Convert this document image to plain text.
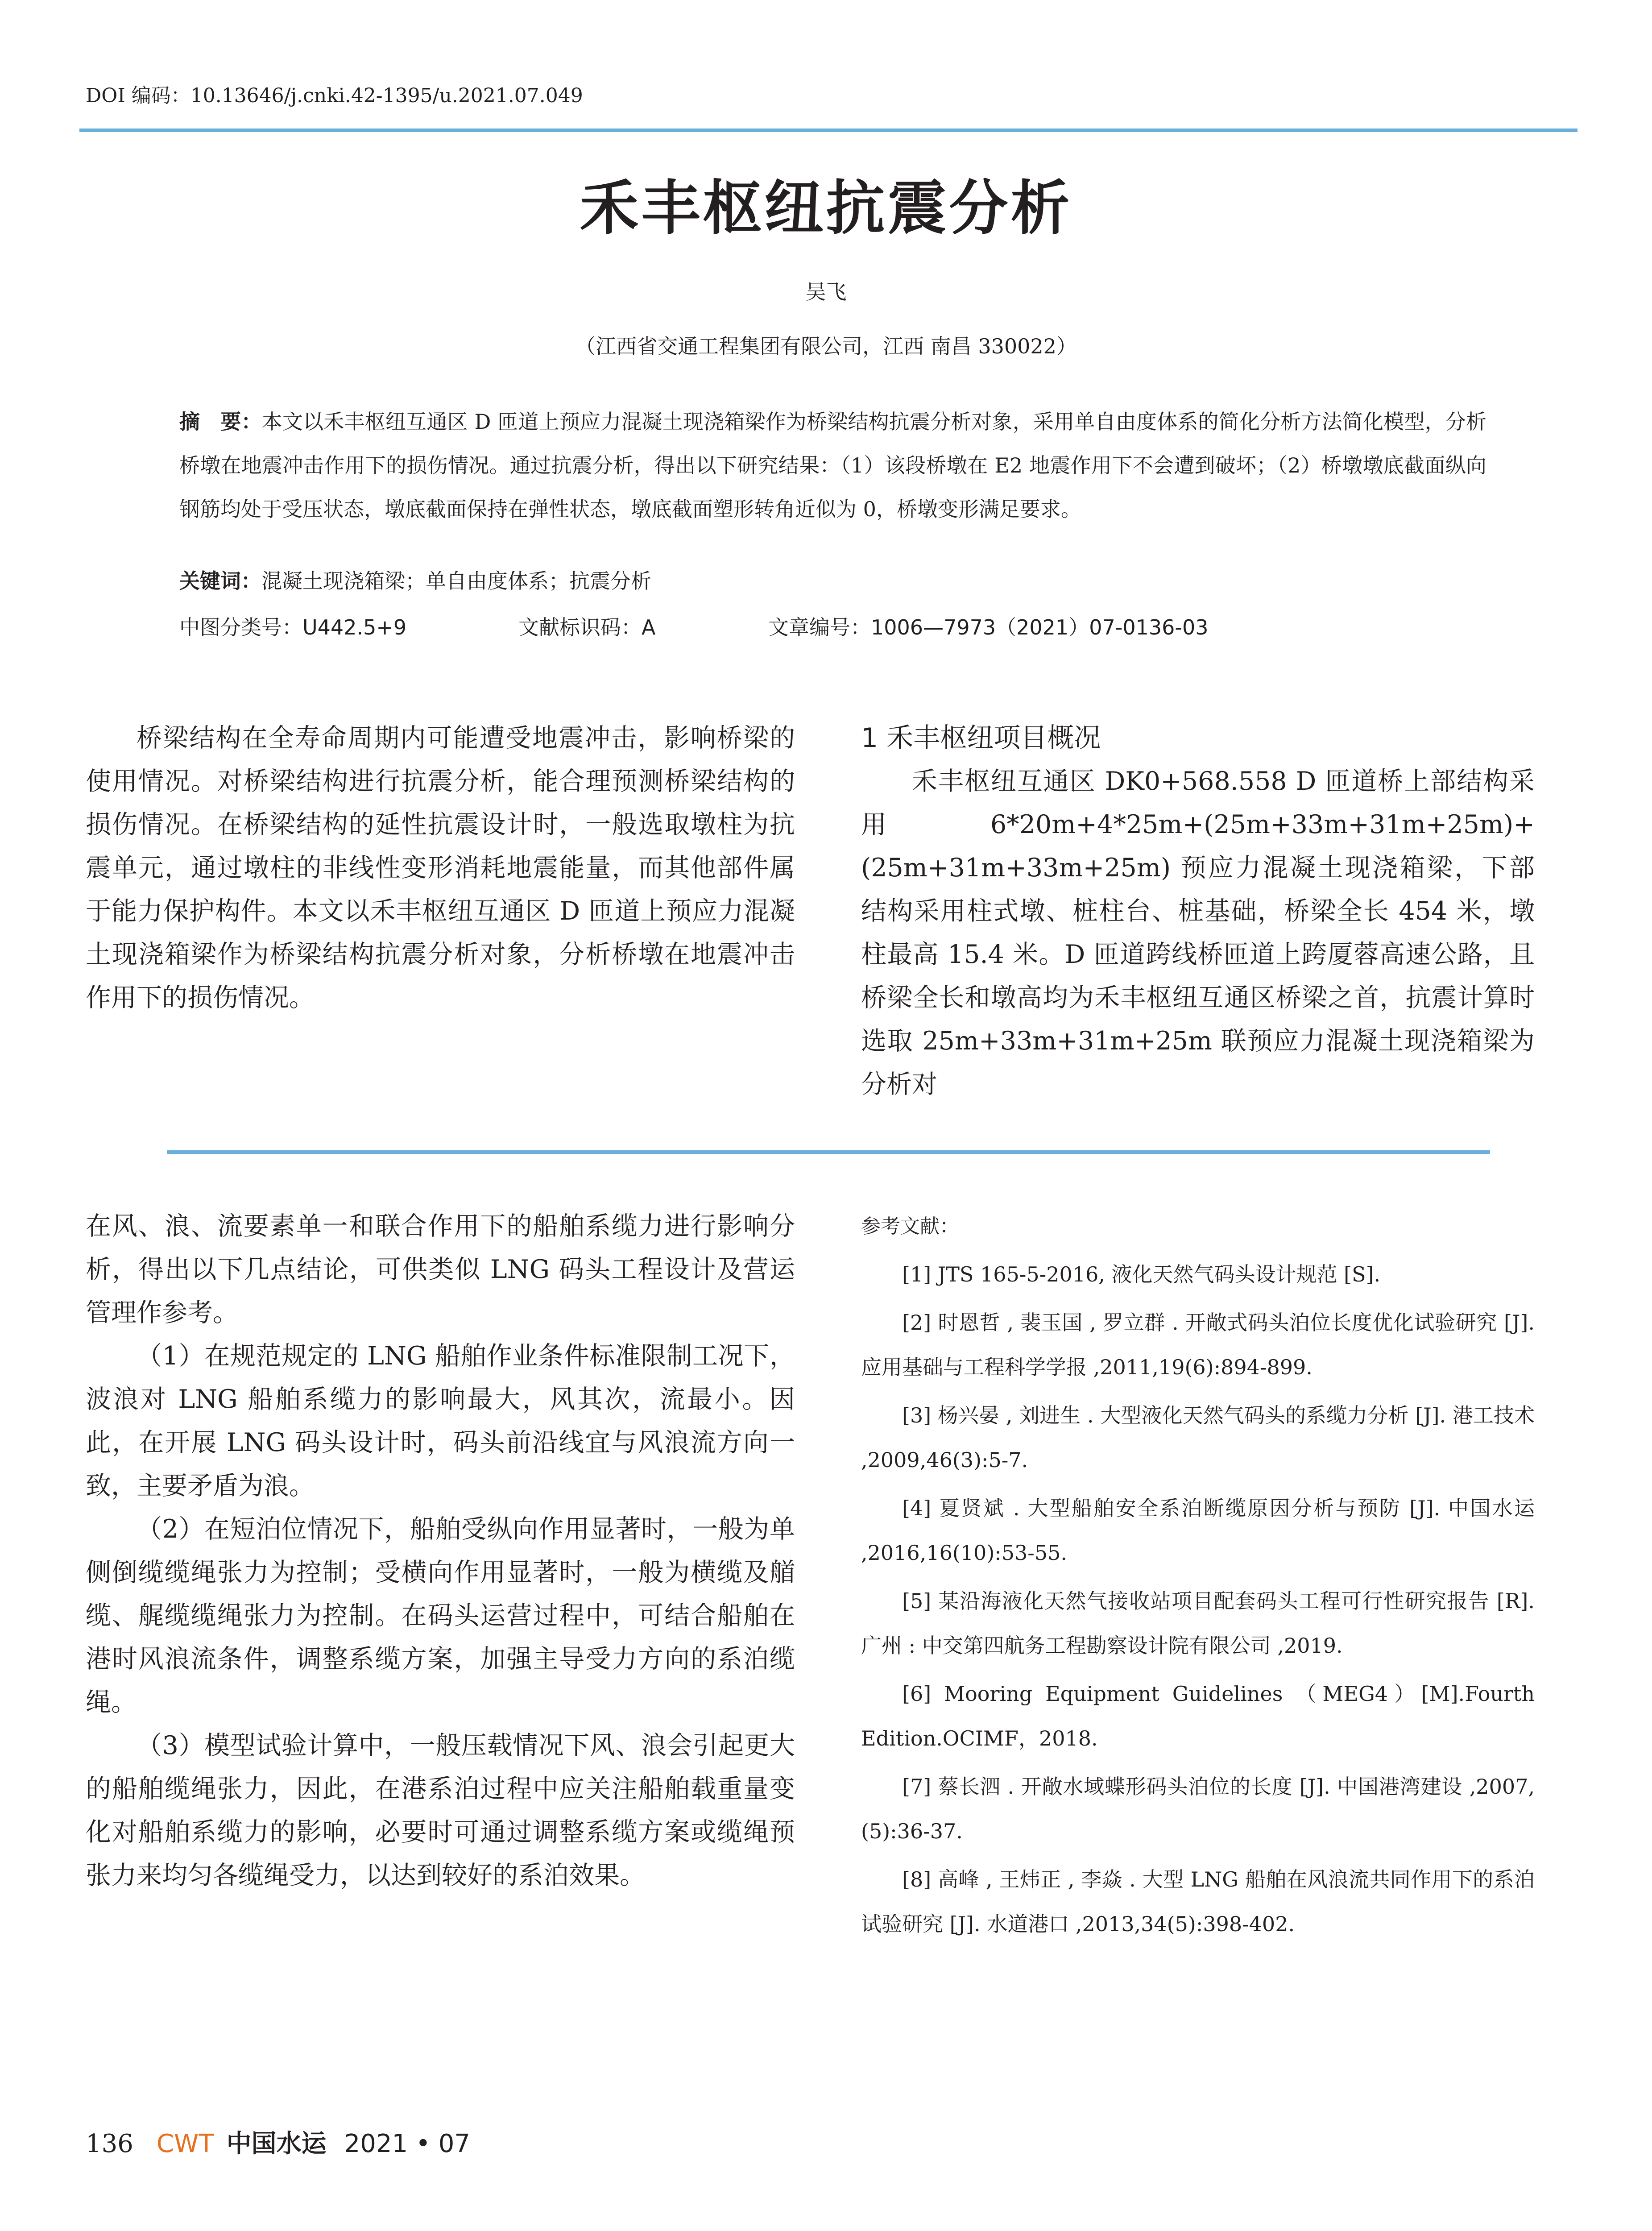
DOI 编码：10.13646/j.cnki.42-1395/u.2021.07.049
禾丰枢纽抗震分析
吴飞
（江西省交通工程集团有限公司，江西 南昌 330022）
摘　要：本文以禾丰枢纽互通区 D 匝道上预应力混凝土现浇箱梁作为桥梁结构抗震分析对象，采用单自由度体系的简化分析方法简化模型，分析桥墩在地震冲击作用下的损伤情况。通过抗震分析，得出以下研究结果：（1）该段桥墩在 E2 地震作用下不会遭到破坏；（2）桥墩墩底截面纵向钢筋均处于受压状态，墩底截面保持在弹性状态，墩底截面塑形转角近似为 0，桥墩变形满足要求。
关键词：混凝土现浇箱梁；单自由度体系；抗震分析
中图分类号：U442.5+9	文献标识码：A	文章编号：1006—7973（2021）07-0136-03
桥梁结构在全寿命周期内可能遭受地震冲击，影响桥梁的使用情况。对桥梁结构进行抗震分析，能合理预测桥梁结构的损伤情况。在桥梁结构的延性抗震设计时，一般选取墩柱为抗震单元，通过墩柱的非线性变形消耗地震能量，而其他部件属于能力保护构件。本文以禾丰枢纽互通区 D 匝道上预应力混凝土现浇箱梁作为桥梁结构抗震分析对象，分析桥墩在地震冲击作用下的损伤情况。
1 禾丰枢纽项目概况
禾丰枢纽互通区 DK0+568.558 D 匝道桥上部结构采用 6*20m+4*25m+(25m+33m+31m+25m)+(25m+31m+33m+25m) 预应力混凝土现浇箱梁，下部结构采用柱式墩、桩柱台、桩基础，桥梁全长 454 米，墩柱最高 15.4 米。D 匝道跨线桥匝道上跨厦蓉高速公路，且桥梁全长和墩高均为禾丰枢纽互通区桥梁之首，抗震计算时选取 25m+33m+31m+25m 联预应力混凝土现浇箱梁为分析对
在风、浪、流要素单一和联合作用下的船舶系缆力进行影响分析，得出以下几点结论，可供类似 LNG 码头工程设计及营运管理作参考。
（1）在规范规定的 LNG 船舶作业条件标准限制工况下，波浪对 LNG 船舶系缆力的影响最大，风其次，流最小。因此，在开展 LNG 码头设计时，码头前沿线宜与风浪流方向一致，主要矛盾为浪。
（2）在短泊位情况下，船舶受纵向作用显著时，一般为单侧倒缆缆绳张力为控制；受横向作用显著时，一般为横缆及艏缆、艉缆缆绳张力为控制。在码头运营过程中，可结合船舶在港时风浪流条件，调整系缆方案，加强主导受力方向的系泊缆绳。
（3）模型试验计算中，一般压载情况下风、浪会引起更大的船舶缆绳张力，因此，在港系泊过程中应关注船舶载重量变化对船舶系缆力的影响，必要时可通过调整系缆方案或缆绳预张力来均匀各缆绳受力，以达到较好的系泊效果。
参考文献：

[1] JTS 165-5-2016, 液化天然气码头设计规范 [S].

[2] 时恩哲 , 裴玉国 , 罗立群 . 开敞式码头泊位长度优化试验研究 [J]. 应用基础与工程科学学报 ,2011,19(6):894-899.

[3] 杨兴晏 , 刘进生 . 大型液化天然气码头的系缆力分析 [J]. 港工技术 ,2009,46(3):5-7.

[4] 夏贤斌 . 大型船舶安全系泊断缆原因分析与预防 [J]. 中国水运 ,2016,16(10):53-55.

[5] 某沿海液化天然气接收站项目配套码头工程可行性研究报告 [R]. 广州 : 中交第四航务工程勘察设计院有限公司 ,2019.

[6] Mooring Equipment Guidelines （MEG4）[M].Fourth Edition.OCIMF，2018.

[7] 蔡长泗 . 开敞水域蝶形码头泊位的长度 [J]. 中国港湾建设 ,2007,(5):36-37.

[8] 高峰 , 王炜正 , 李焱 . 大型 LNG 船舶在风浪流共同作用下的系泊试验研究 [J]. 水道港口 ,2013,34(5):398-402.

136 CWT 中国水运 2021 • 07
